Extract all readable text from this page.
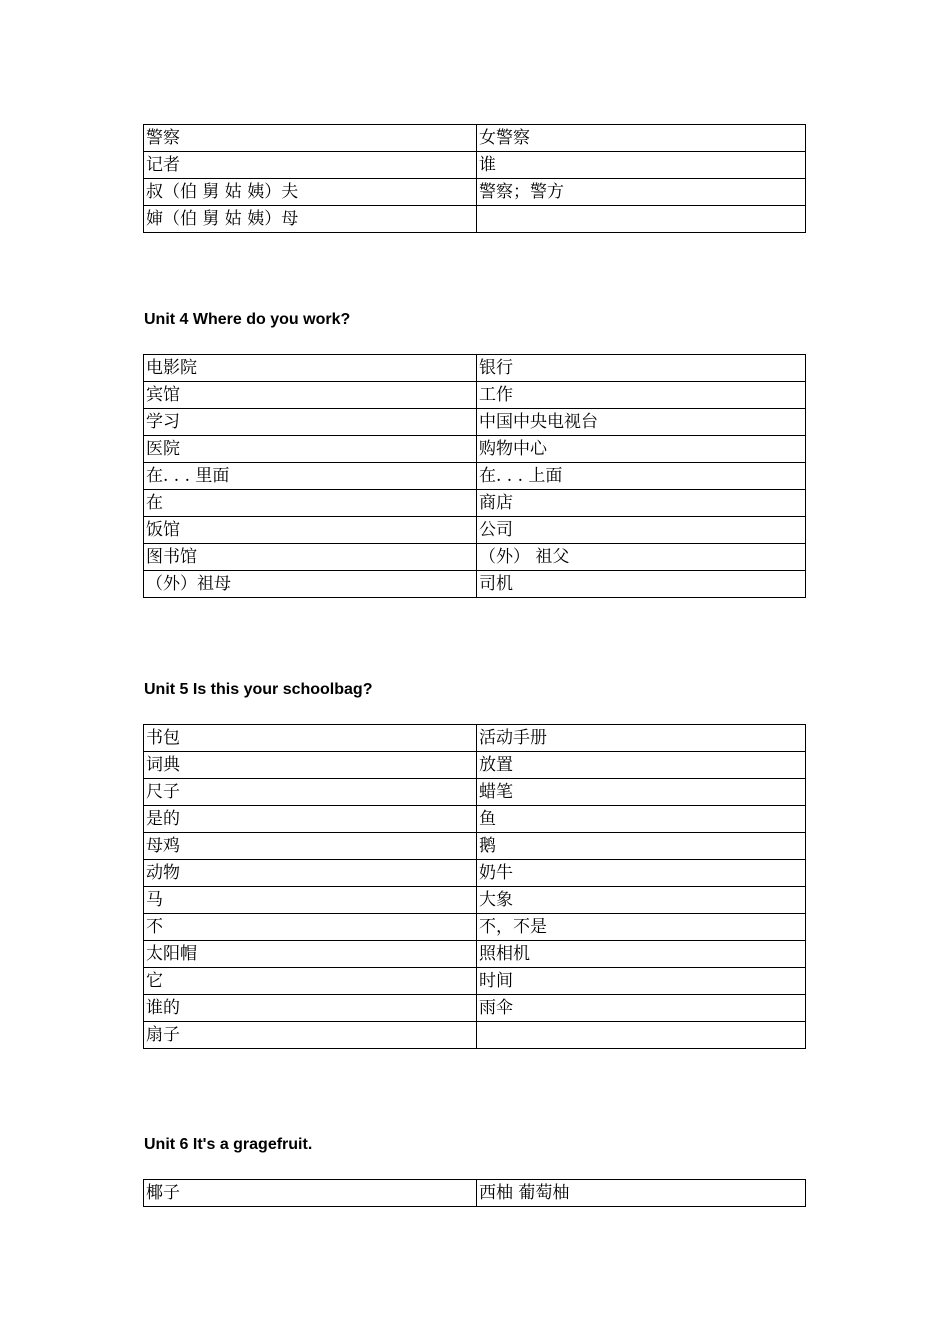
警察	女警察
记者	谁
叔（伯 舅 姑 姨）夫	警察；警方
婶（伯 舅 姑 姨）母	
Unit 4 Where do you work?
电影院	银行
宾馆	工作
学习	中国中央电视台
医院	购物中心
在. . . 里面	在. . . 上面
在	商店
饭馆	公司
图书馆	（外） 祖父
（外）祖母	司机
Unit 5 Is this your schoolbag?
书包	活动手册
词典	放置
尺子	蜡笔
是的	鱼
母鸡	鹅
动物	奶牛
马	大象
不	不，不是
太阳帽	照相机
它	时间
谁的	雨伞
扇子	
Unit 6 It's a gragefruit.
椰子	西柚 葡萄柚
